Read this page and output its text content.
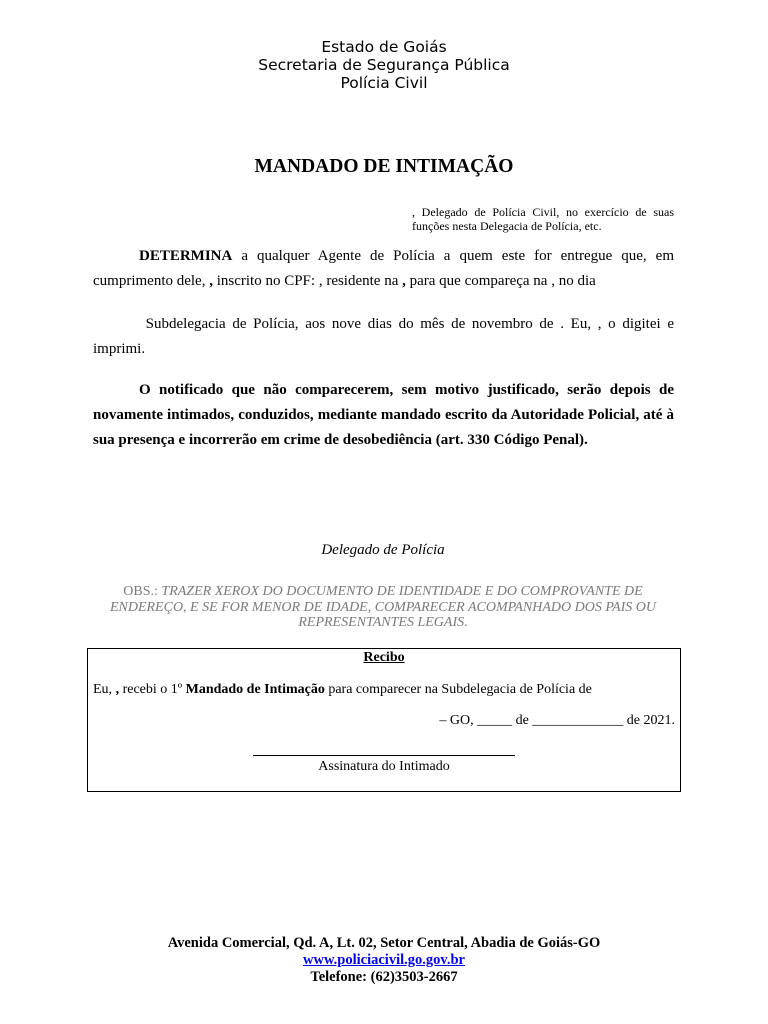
Estado de Goiás
Secretaria de Segurança Pública
Polícia Civil
MANDADO DE INTIMAÇÃO
, Delegado de Polícia Civil, no exercício de suas funções nesta Delegacia de Polícia, etc.
DETERMINA a qualquer Agente de Polícia a quem este for entregue que, em cumprimento dele, , inscrito no CPF: , residente na , para que compareça na , no dia
Subdelegacia de Polícia, aos nove dias do mês de novembro de . Eu, , o digitei e imprimi.
O notificado que não comparecerem, sem motivo justificado, serão depois de novamente intimados, conduzidos, mediante mandado escrito da Autoridade Policial, até à sua presença e incorrerão em crime de desobediência (art. 330 Código Penal).
Delegado de Polícia
OBS.: TRAZER XEROX DO DOCUMENTO DE IDENTIDADE E DO COMPROVANTE DE ENDEREÇO, E SE FOR MENOR DE IDADE, COMPARECER ACOMPANHADO DOS PAIS OU REPRESENTANTES LEGAIS.
Recibo
Eu, , recebi o 1º Mandado de Intimação para comparecer na Subdelegacia de Polícia de
– GO, _____ de _____________ de 2021.
Assinatura do Intimado
Avenida Comercial, Qd. A, Lt. 02, Setor Central, Abadia de Goiás-GO
www.policiacivil.go.gov.br
Telefone: (62)3503-2667
